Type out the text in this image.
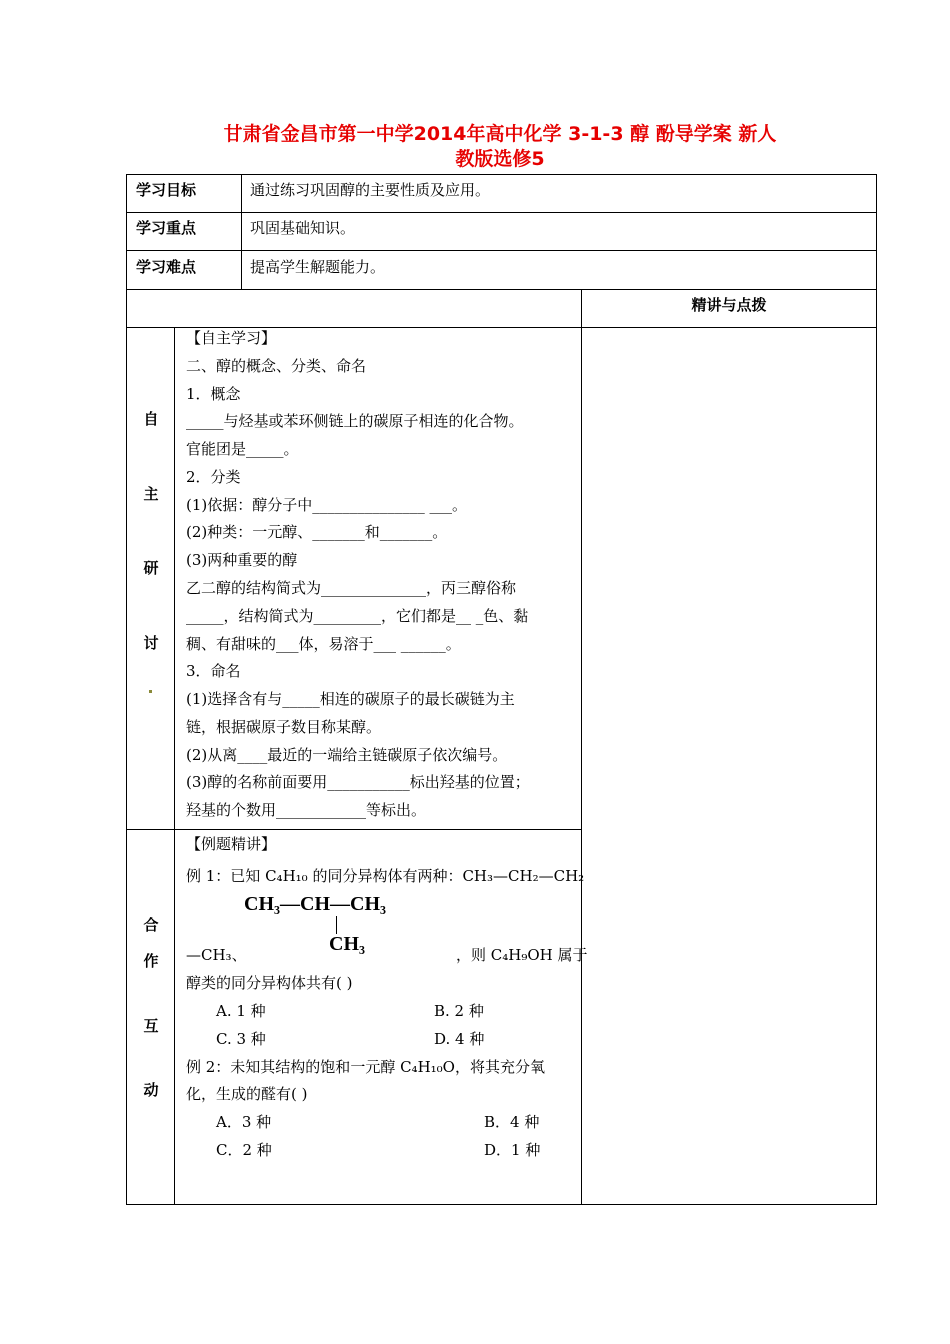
甘肃省金昌市第一中学2014年高中化学 3-1-3 醇 酚导学案 新人
教版选修5
学习目标	通过练习巩固醇的主要性质及应用。
学习重点	巩固基础知识。
学习难点	提高学生解题能力。
精讲与点拨
自
主
研
讨
【自主学习】
二、醇的概念、分类、命名
1．概念
_____与烃基或苯环侧链上的碳原子相连的化合物。
官能团是_____。
2．分类
(1)依据：醇分子中_______________ ___。
(2)种类：一元醇、_______和_______。
(3)两种重要的醇
乙二醇的结构简式为______________，丙三醇俗称
_____，结构简式为_________，它们都是__ _色、黏
稠、有甜味的___体，易溶于___ ______。
3．命名
(1)选择含有与_____相连的碳原子的最长碳链为主
链，根据碳原子数目称某醇。
(2)从离____最近的一端给主链碳原子依次编号。
(3)醇的名称前面要用___________标出羟基的位置；
羟基的个数用____________等标出。
合
作
互
动
【例题精讲】
例 1：已知 C₄H₁₀ 的同分异构体有两种：CH₃—CH₂—CH₂
CH₃—CH—CH₃
CH₃
—CH₃、	，则 C₄H₉OH 属于
醇类的同分异构体共有( )
A. 1 种	B. 2 种
C. 3 种	D. 4 种
例 2：未知其结构的饱和一元醇 C₄H₁₀O，将其充分氧
化，生成的醛有( )
A．3 种	B．4 种
C．2 种	D．1 种
